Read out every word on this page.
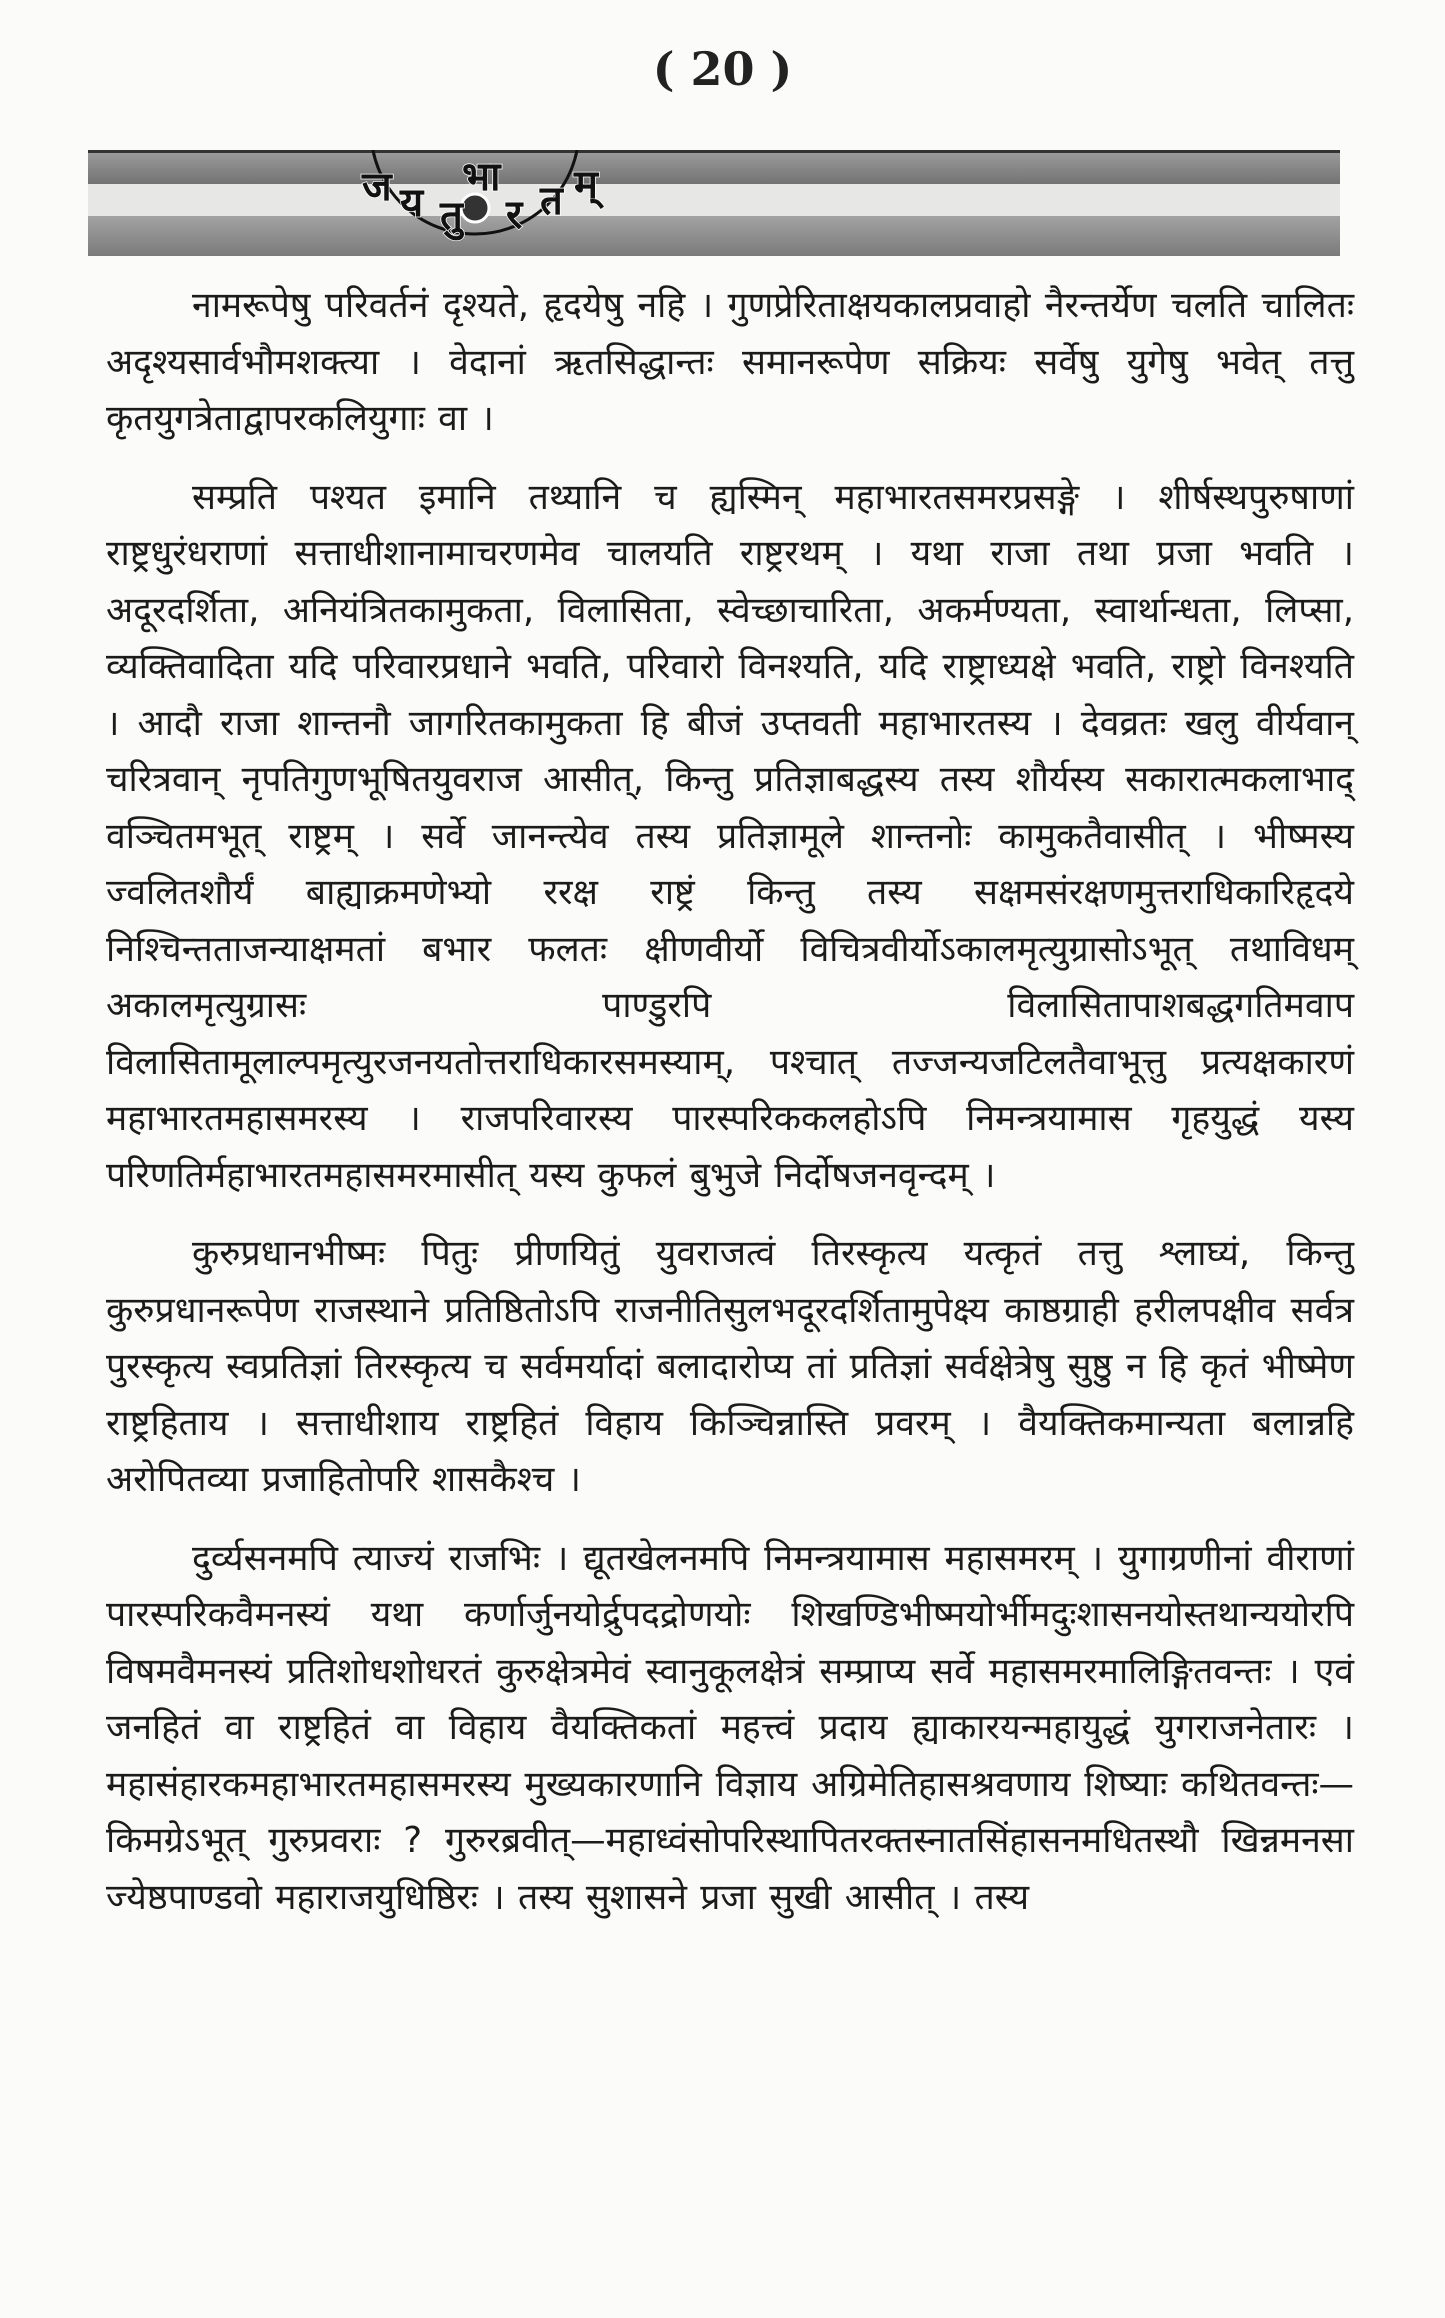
( 20 )
ज य तु
भा
र त म्

नामरूपेषु परिवर्तनं दृश्यते, हृदयेषु नहि । गुणप्रेरिताक्षयकालप्रवाहो नैरन्तर्येण चलति चालितः अदृश्यसार्वभौमशक्त्या । वेदानां ऋतसिद्धान्तः समानरूपेण सक्रियः सर्वेषु युगेषु भवेत् तत्तु कृतयुगत्रेताद्वापरकलियुगाः वा ।

सम्प्रति पश्यत इमानि तथ्यानि च ह्यस्मिन् महाभारतसमरप्रसङ्गे । शीर्षस्थपुरुषाणां राष्ट्रधुरंधराणां सत्ताधीशानामाचरणमेव चालयति राष्ट्ररथम् । यथा राजा तथा प्रजा भवति । अदूरदर्शिता, अनियंत्रितकामुकता, विलासिता, स्वेच्छाचारिता, अकर्मण्यता, स्वार्थान्धता, लिप्सा, व्यक्तिवादिता यदि परिवारप्रधाने भवति, परिवारो विनश्यति, यदि राष्ट्राध्यक्षे भवति, राष्ट्रो विनश्यति । आदौ राजा शान्तनौ जागरितकामुकता हि बीजं उप्तवती महाभारतस्य । देवव्रतः खलु वीर्यवान् चरित्रवान् नृपतिगुणभूषितयुवराज आसीत्, किन्तु प्रतिज्ञाबद्धस्य तस्य शौर्यस्य सकारात्मकलाभाद् वञ्चितमभूत् राष्ट्रम् । सर्वे जानन्त्येव तस्य प्रतिज्ञामूले शान्तनोः कामुकतैवासीत् । भीष्मस्य ज्वलितशौर्यं बाह्याक्रमणेभ्यो ररक्ष राष्ट्रं किन्तु तस्य सक्षमसंरक्षणमुत्तराधिकारिहृदये निश्चिन्तताजन्याक्षमतां बभार फलतः क्षीणवीर्यो विचित्रवीर्योऽकालमृत्युग्रासोऽभूत् तथाविधम् अकालमृत्युग्रासः पाण्डुरपि विलासितापाशबद्धगतिमवाप विलासितामूलाल्पमृत्युरजनयतोत्तराधिकारसमस्याम्, पश्चात् तज्जन्यजटिलतैवाभूत्तु प्रत्यक्षकारणं महाभारतमहासमरस्य । राजपरिवारस्य पारस्परिककलहोऽपि निमन्त्रयामास गृहयुद्धं यस्य परिणतिर्महाभारतमहासमरमासीत् यस्य कुफलं बुभुजे निर्दोषजनवृन्दम् ।

कुरुप्रधानभीष्मः पितुः प्रीणयितुं युवराजत्वं तिरस्कृत्य यत्कृतं तत्तु श्लाघ्यं, किन्तु कुरुप्रधानरूपेण राजस्थाने प्रतिष्ठितोऽपि राजनीतिसुलभदूरदर्शितामुपेक्ष्य काष्ठग्राही हरीलपक्षीव सर्वत्र पुरस्कृत्य स्वप्रतिज्ञां तिरस्कृत्य च सर्वमर्यादां बलादारोप्य तां प्रतिज्ञां सर्वक्षेत्रेषु सुष्ठु न हि कृतं भीष्मेण राष्ट्रहिताय । सत्ताधीशाय राष्ट्रहितं विहाय किञ्चिन्नास्ति प्रवरम् । वैयक्तिकमान्यता बलान्नहि अरोपितव्या प्रजाहितोपरि शासकैश्च ।

दुर्व्यसनमपि त्याज्यं राजभिः । द्यूतखेलनमपि निमन्त्रयामास महासमरम् । युगाग्रणीनां वीराणां पारस्परिकवैमनस्यं यथा कर्णार्जुनयोर्द्रुपदद्रोणयोः शिखण्डिभीष्मयोर्भीमदुःशासनयोस्तथान्ययोरपि विषमवैमनस्यं प्रतिशोधशोधरतं कुरुक्षेत्रमेवं स्वानुकूलक्षेत्रं सम्प्राप्य सर्वे महासमरमालिङ्गितवन्तः । एवं जनहितं वा राष्ट्रहितं वा विहाय वैयक्तिकतां महत्त्वं प्रदाय ह्याकारयन्महायुद्धं युगराजनेतारः । महासंहारकमहाभारतमहासमरस्य मुख्यकारणानि विज्ञाय अग्रिमेतिहासश्रवणाय शिष्याः कथितवन्तः— किमग्रेऽभूत् गुरुप्रवराः ? गुरुरब्रवीत्—महाध्वंसोपरिस्थापितरक्तस्नातसिंहासनमधितस्थौ खिन्नमनसा ज्येष्ठपाण्डवो महाराजयुधिष्ठिरः । तस्य सुशासने प्रजा सुखी आसीत् । तस्य
